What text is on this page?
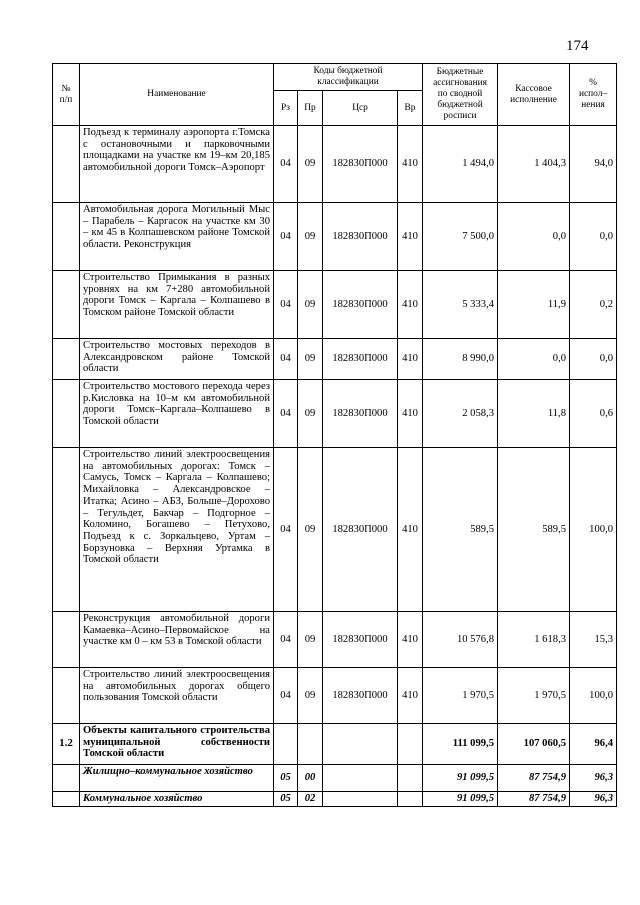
174
№
п/п	Наименование	Коды бюджетной
классификации				Бюджетные
ассигнования
по сводной
бюджетной
росписи	Кассовое
исполнение	%
испол–
нения
		Рз	Пр	Цср	Вр			
	Подъезд к терминалу аэропорта г.Томска с остановочными и парковочными площадками на участке км 19–км 20,185 автомобильной дороги Томск–Аэропорт	04	09	182830П000	410	1 494,0	1 404,3	94,0
	Автомобильная дорога Могильный Мыс – Парабель – Каргасок на участке км 30 – км 45 в Колпашевском районе Томской области. Реконструкция	04	09	182830П000	410	7 500,0	0,0	0,0
	Строительство Примыкания в разных уровнях на км 7+280 автомобильной дороги Томск – Каргала – Колпашево в Томском районе Томской области	04	09	182830П000	410	5 333,4	11,9	0,2
	Строительство мостовых переходов в Александровском районе Томской области	04	09	182830П000	410	8 990,0	0,0	0,0
	Строительство мостового перехода через р.Кисловка на 10–м км автомобильной дороги Томск–Каргала–Колпашево в Томской области	04	09	182830П000	410	2 058,3	11,8	0,6
	Строительство линий электроосвещения на автомобильных дорогах: Томск – Самусь, Томск – Каргала – Колпашево; Михайловка – Александровское – Итатка; Асино – АБЗ, Больше–Дорохово – Тегульдет, Бакчар – Подгорное – Коломино, Богашево – Петухово, Подъезд к с. Зоркальцево, Уртам – Борзуновка – Верхняя Уртамка в Томской области	04	09	182830П000	410	589,5	589,5	100,0
	Реконструкция автомобильной дороги Камаевка–Асино–Первомайское на участке км 0 – км 53 в Томской области	04	09	182830П000	410	10 576,8	1 618,3	15,3
	Строительство линий электроосвещения на автомобильных дорогах общего пользования Томской области	04	09	182830П000	410	1 970,5	1 970,5	100,0
1.2	Объекты капитального строительства муниципальной собственности Томской области					111 099,5	107 060,5	96,4
	Жилищно–коммунальное хозяйство	05	00			91 099,5	87 754,9	96,3
	Коммунальное хозяйство	05	02			91 099,5	87 754,9	96,3
